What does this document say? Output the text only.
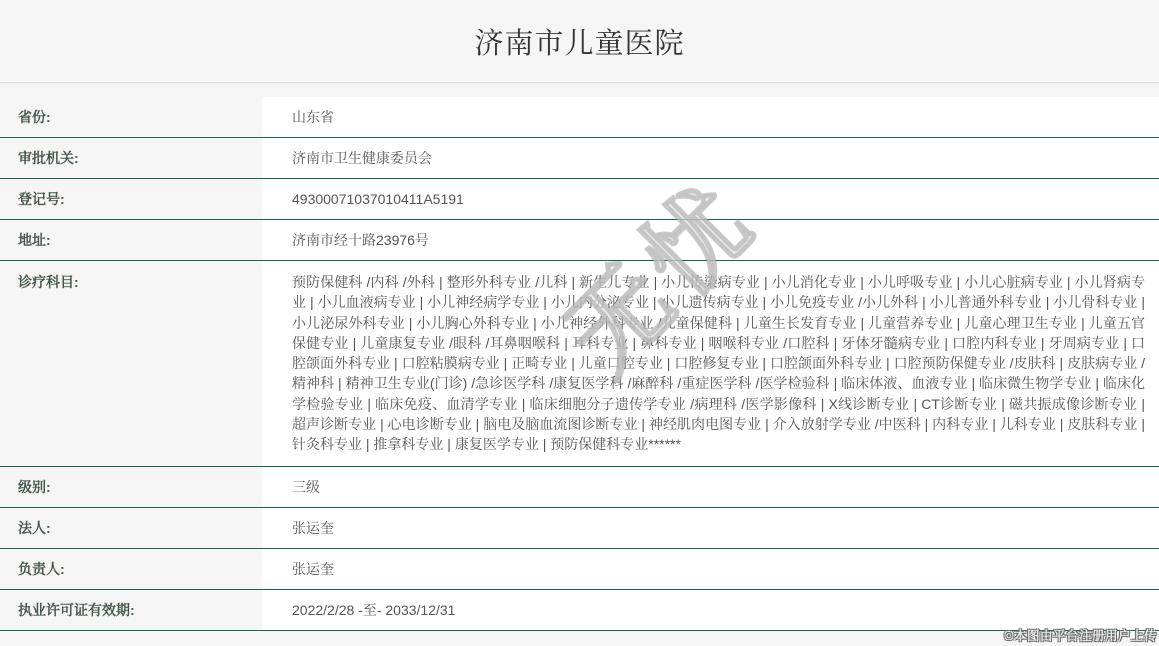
济南市儿童医院
省份:	山东省
审批机关:	济南市卫生健康委员会
登记号:	49300071037010411A5191
地址:	济南市经十路23976号
诊疗科目:	预防保健科 /内科 /外科 | 整形外科专业 /儿科 | 新生儿专业 | 小儿传染病专业 | 小儿消化专业 | 小儿呼吸专业 | 小儿心脏病专业 | 小儿肾病专业 | 小儿血液病专业 | 小儿神经病学专业 | 小儿内分泌专业 | 小儿遗传病专业 | 小儿免疫专业 /小儿外科 | 小儿普通外科专业 | 小儿骨科专业 | 小儿泌尿外科专业 | 小儿胸心外科专业 | 小儿神经外科专业 /儿童保健科 | 儿童生长发育专业 | 儿童营养专业 | 儿童心理卫生专业 | 儿童五官保健专业 | 儿童康复专业 /眼科 /耳鼻咽喉科 | 耳科专业 | 鼻科专业 | 咽喉科专业 /口腔科 | 牙体牙髓病专业 | 口腔内科专业 | 牙周病专业 | 口腔颌面外科专业 | 口腔粘膜病专业 | 正畸专业 | 儿童口腔专业 | 口腔修复专业 | 口腔颌面外科专业 | 口腔预防保健专业 /皮肤科 | 皮肤病专业 /精神科 | 精神卫生专业(门诊) /急诊医学科 /康复医学科 /麻醉科 /重症医学科 /医学检验科 | 临床体液、血液专业 | 临床微生物学专业 | 临床化学检验专业 | 临床免疫、血清学专业 | 临床细胞分子遗传学专业 /病理科 /医学影像科 | X线诊断专业 | CT诊断专业 | 磁共振成像诊断专业 | 超声诊断专业 | 心电诊断专业 | 脑电及脑血流图诊断专业 | 神经肌肉电图专业 | 介入放射学专业 /中医科 | 内科专业 | 儿科专业 | 皮肤科专业 | 针灸科专业 | 推拿科专业 | 康复医学专业 | 预防保健科专业******
级别:	三级
法人:	张运奎
负责人:	张运奎
执业许可证有效期:	2022/2/28 -至- 2033/12/31
无忧
©本图由平台注册用户上传
